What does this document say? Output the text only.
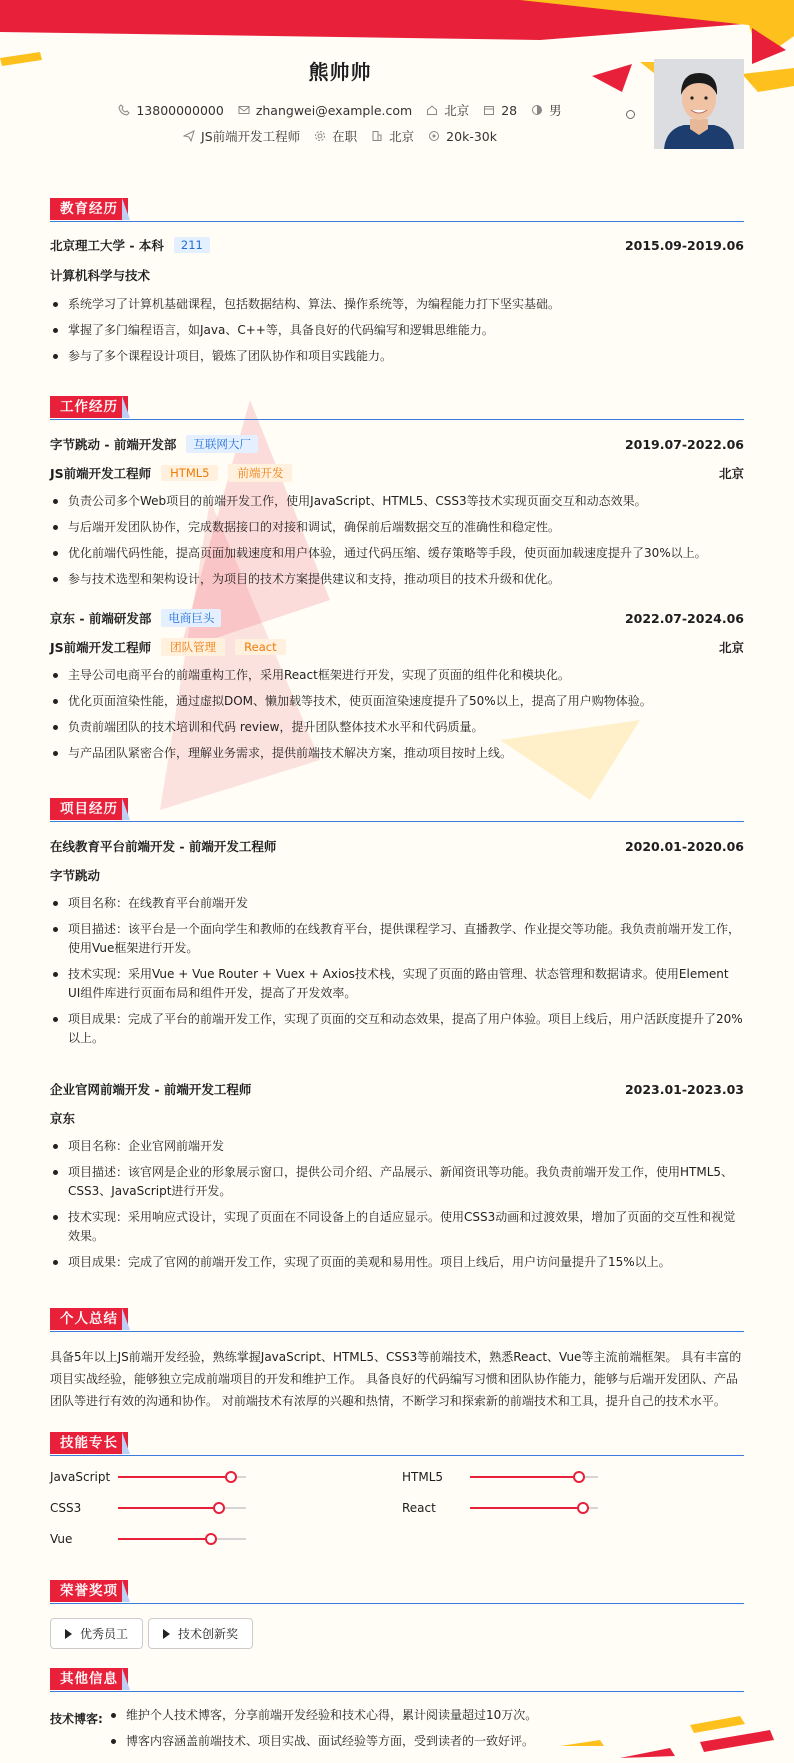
熊帅帅
13800000000	zhangwei@example.com	北京	28	男
JS前端开发工程师	在职	北京	20k-30k
教育经历
北京理工大学 - 本科	211	2015.09-2019.06
计算机科学与技术
系统学习了计算机基础课程，包括数据结构、算法、操作系统等，为编程能力打下坚实基础。
掌握了多门编程语言，如Java、C++等，具备良好的代码编写和逻辑思维能力。
参与了多个课程设计项目，锻炼了团队协作和项目实践能力。
工作经历
字节跳动 - 前端开发部	互联网大厂	2019.07-2022.06
JS前端开发工程师	HTML5	前端开发	北京
负责公司多个Web项目的前端开发工作，使用JavaScript、HTML5、CSS3等技术实现页面交互和动态效果。
与后端开发团队协作，完成数据接口的对接和调试，确保前后端数据交互的准确性和稳定性。
优化前端代码性能，提高页面加载速度和用户体验，通过代码压缩、缓存策略等手段，使页面加载速度提升了30%以上。
参与技术选型和架构设计，为项目的技术方案提供建议和支持，推动项目的技术升级和优化。
京东 - 前端研发部	电商巨头	2022.07-2024.06
JS前端开发工程师	团队管理	React	北京
主导公司电商平台的前端重构工作，采用React框架进行开发，实现了页面的组件化和模块化。
优化页面渲染性能，通过虚拟DOM、懒加载等技术，使页面渲染速度提升了50%以上，提高了用户购物体验。
负责前端团队的技术培训和代码 review，提升团队整体技术水平和代码质量。
与产品团队紧密合作，理解业务需求，提供前端技术解决方案，推动项目按时上线。
项目经历
在线教育平台前端开发 - 前端开发工程师	2020.01-2020.06
字节跳动
项目名称：在线教育平台前端开发
项目描述：该平台是一个面向学生和教师的在线教育平台，提供课程学习、直播教学、作业提交等功能。我负责前端开发工作，使用Vue框架进行开发。
技术实现：采用Vue + Vue Router + Vuex + Axios技术栈，实现了页面的路由管理、状态管理和数据请求。使用Element UI组件库进行页面布局和组件开发，提高了开发效率。
项目成果：完成了平台的前端开发工作，实现了页面的交互和动态效果，提高了用户体验。项目上线后，用户活跃度提升了20%以上。
企业官网前端开发 - 前端开发工程师	2023.01-2023.03
京东
项目名称：企业官网前端开发
项目描述：该官网是企业的形象展示窗口，提供公司介绍、产品展示、新闻资讯等功能。我负责前端开发工作，使用HTML5、CSS3、JavaScript进行开发。
技术实现：采用响应式设计，实现了页面在不同设备上的自适应显示。使用CSS3动画和过渡效果，增加了页面的交互性和视觉效果。
项目成果：完成了官网的前端开发工作，实现了页面的美观和易用性。项目上线后，用户访问量提升了15%以上。
个人总结
具备5年以上JS前端开发经验，熟练掌握JavaScript、HTML5、CSS3等前端技术，熟悉React、Vue等主流前端框架。 具有丰富的项目实战经验，能够独立完成前端项目的开发和维护工作。 具备良好的代码编写习惯和团队协作能力，能够与后端开发团队、产品团队等进行有效的沟通和协作。 对前端技术有浓厚的兴趣和热情，不断学习和探索新的前端技术和工具，提升自己的技术水平。
技能专长
JavaScript	HTML5
CSS3	React
Vue
荣誉奖项
优秀员工	技术创新奖
其他信息
技术博客:	维护个人技术博客，分享前端开发经验和技术心得，累计阅读量超过10万次。
博客内容涵盖前端技术、项目实战、面试经验等方面，受到读者的一致好评。
